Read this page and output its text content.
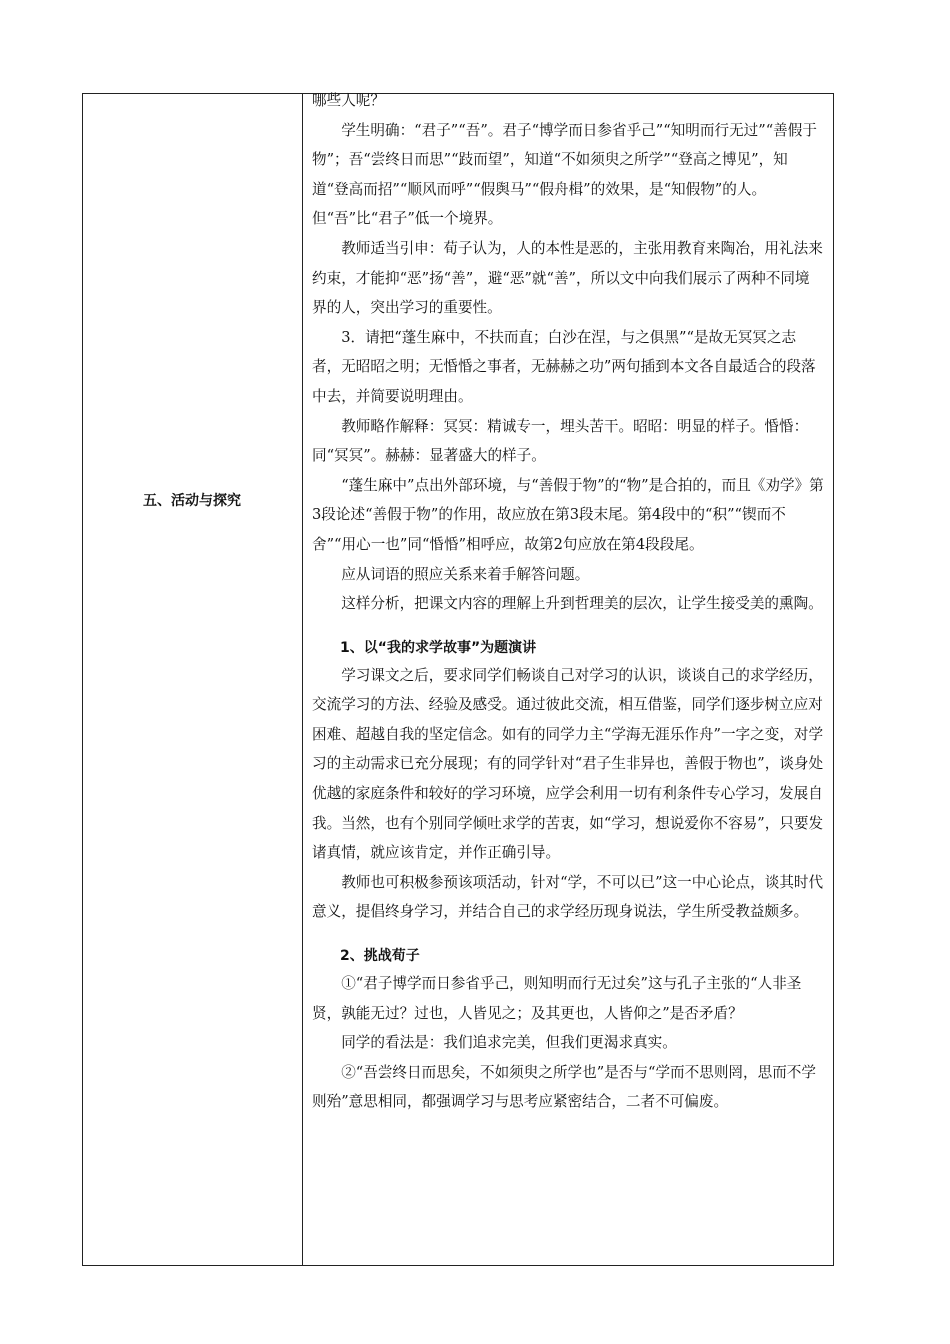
五、活动与探究

哪些人呢？

学生明确：“君子”“吾”。君子“博学而日参省乎己”“知明而行无过”“善假于物”；吾“尝终日而思”“跂而望”，知道“不如须臾之所学”“登高之博见”，知道“登高而招”“顺风而呼”“假舆马”“假舟楫”的效果，是“知假物”的人。但“吾”比“君子”低一个境界。

教师适当引申：荀子认为，人的本性是恶的，主张用教育来陶冶，用礼法来约束，才能抑“恶”扬“善”，避“恶”就“善”，所以文中向我们展示了两种不同境界的人，突出学习的重要性。

3．请把“蓬生麻中，不扶而直；白沙在涅，与之俱黑”“是故无冥冥之志者，无昭昭之明；无惛惛之事者，无赫赫之功”两句插到本文各自最适合的段落中去，并简要说明理由。

教师略作解释：冥冥：精诚专一，埋头苦干。昭昭：明显的样子。惛惛：同“冥冥”。赫赫：显著盛大的样子。

“蓬生麻中”点出外部环境，与“善假于物”的“物”是合拍的，而且《劝学》第3段论述“善假于物”的作用，故应放在第3段末尾。第4段中的“积”“锲而不舍”“用心一也”同“惛惛”相呼应，故第2句应放在第4段段尾。

应从词语的照应关系来着手解答问题。

这样分析，把课文内容的理解上升到哲理美的层次，让学生接受美的熏陶。

1、以“我的求学故事”为题演讲

学习课文之后，要求同学们畅谈自己对学习的认识，谈谈自己的求学经历，交流学习的方法、经验及感受。通过彼此交流，相互借鉴，同学们逐步树立应对困难、超越自我的坚定信念。如有的同学力主“学海无涯乐作舟”一字之变，对学习的主动需求已充分展现；有的同学针对“君子生非异也，善假于物也”，谈身处优越的家庭条件和较好的学习环境，应学会利用一切有利条件专心学习，发展自我。当然，也有个别同学倾吐求学的苦衷，如“学习，想说爱你不容易”，只要发诸真情，就应该肯定，并作正确引导。

教师也可积极参预该项活动，针对“学，不可以已”这一中心论点，谈其时代意义，提倡终身学习，并结合自己的求学经历现身说法，学生所受教益颇多。

2、挑战荀子

①“君子博学而日参省乎己，则知明而行无过矣”这与孔子主张的“人非圣贤，孰能无过？过也，人皆见之；及其更也，人皆仰之”是否矛盾？

同学的看法是：我们追求完美，但我们更渴求真实。

②“吾尝终日而思矣，不如须臾之所学也”是否与“学而不思则罔，思而不学则殆”意思相同，都强调学习与思考应紧密结合，二者不可偏废。
